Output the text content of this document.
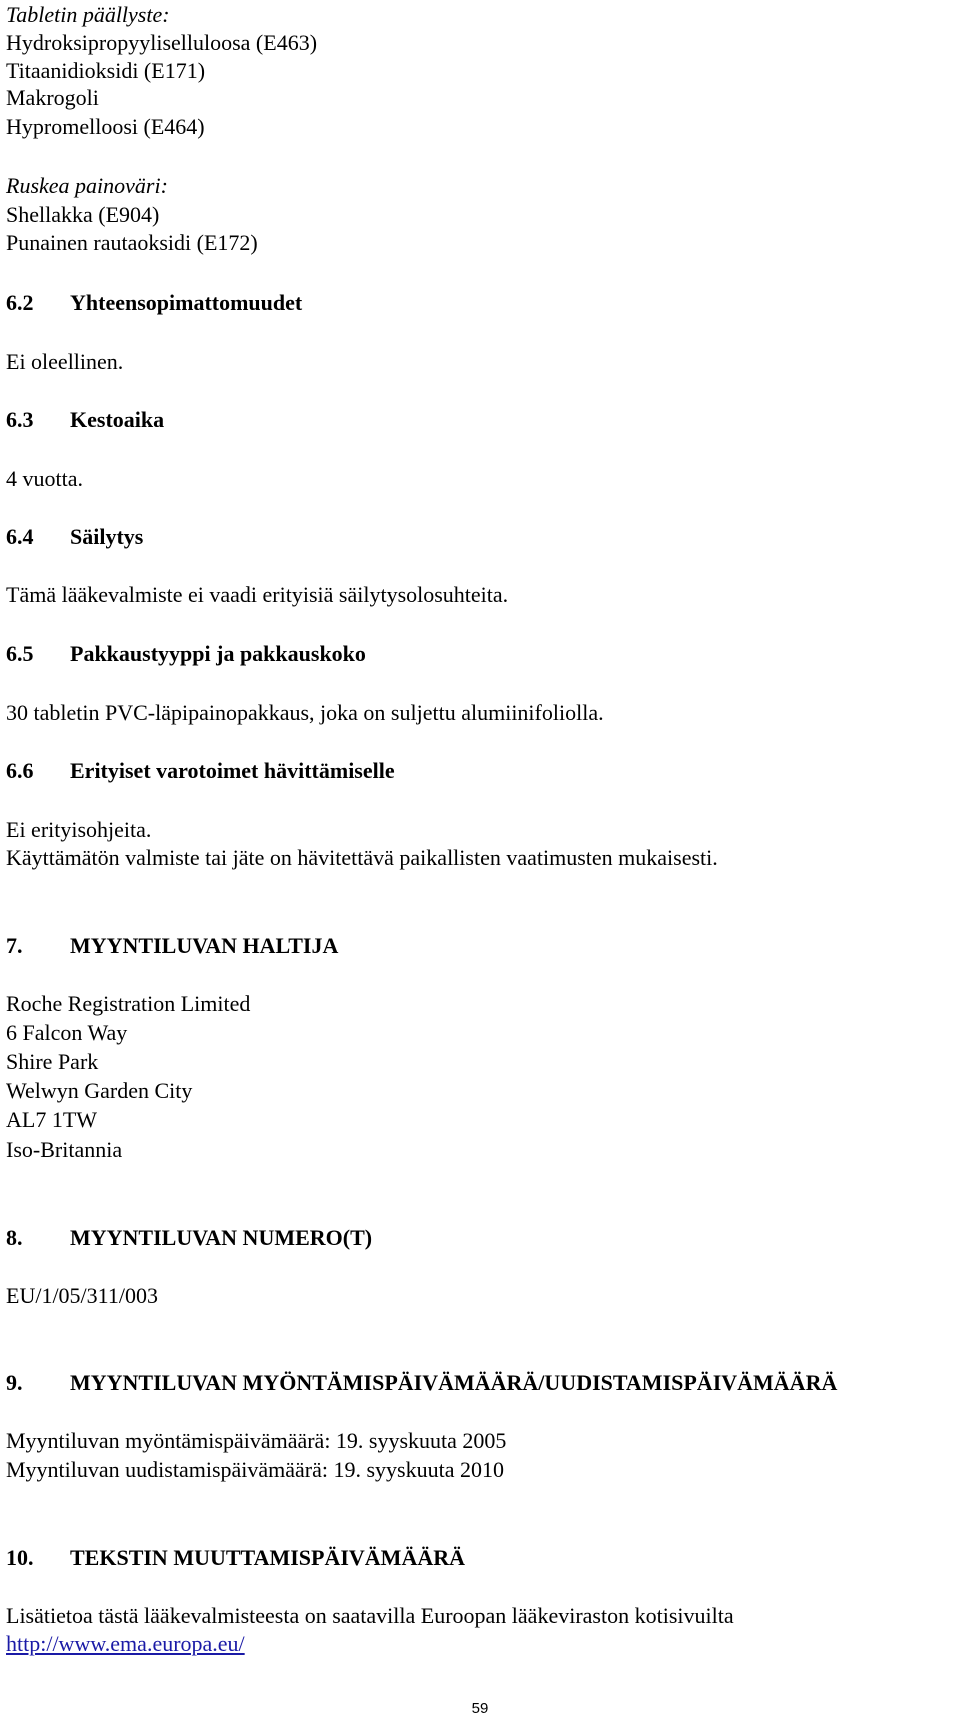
Tabletin päällyste:
Hydroksipropyyliselluloosa (E463)
Titaanidioksidi (E171)
Makrogoli
Hypromelloosi (E464)
Ruskea painoväri:
Shellakka (E904)
Punainen rautaoksidi (E172)
6.2 Yhteensopimattomuudet
Ei oleellinen.
6.3 Kestoaika
4 vuotta.
6.4 Säilytys
Tämä lääkevalmiste ei vaadi erityisiä säilytysolosuhteita.
6.5 Pakkaustyyppi ja pakkauskoko
30 tabletin PVC-läpipainopakkaus, joka on suljettu alumiinifoliolla.
6.6 Erityiset varotoimet hävittämiselle
Ei erityisohjeita.
Käyttämätön valmiste tai jäte on hävitettävä paikallisten vaatimusten mukaisesti.
7. MYYNTILUVAN HALTIJA
Roche Registration Limited
6 Falcon Way
Shire Park
Welwyn Garden City
AL7 1TW
Iso-Britannia
8. MYYNTILUVAN NUMERO(T)
EU/1/05/311/003
9. MYYNTILUVAN MYÖNTÄMISPÄIVÄMÄÄRÄ/UUDISTAMISPÄIVÄMÄÄRÄ
Myyntiluvan myöntämispäivämäärä: 19. syyskuuta 2005
Myyntiluvan uudistamispäivämäärä: 19. syyskuuta 2010
10. TEKSTIN MUUTTAMISPÄIVÄMÄÄRÄ
Lisätietoa tästä lääkevalmisteesta on saatavilla Euroopan lääkeviraston kotisivuilta
http://www.ema.europa.eu/
59
